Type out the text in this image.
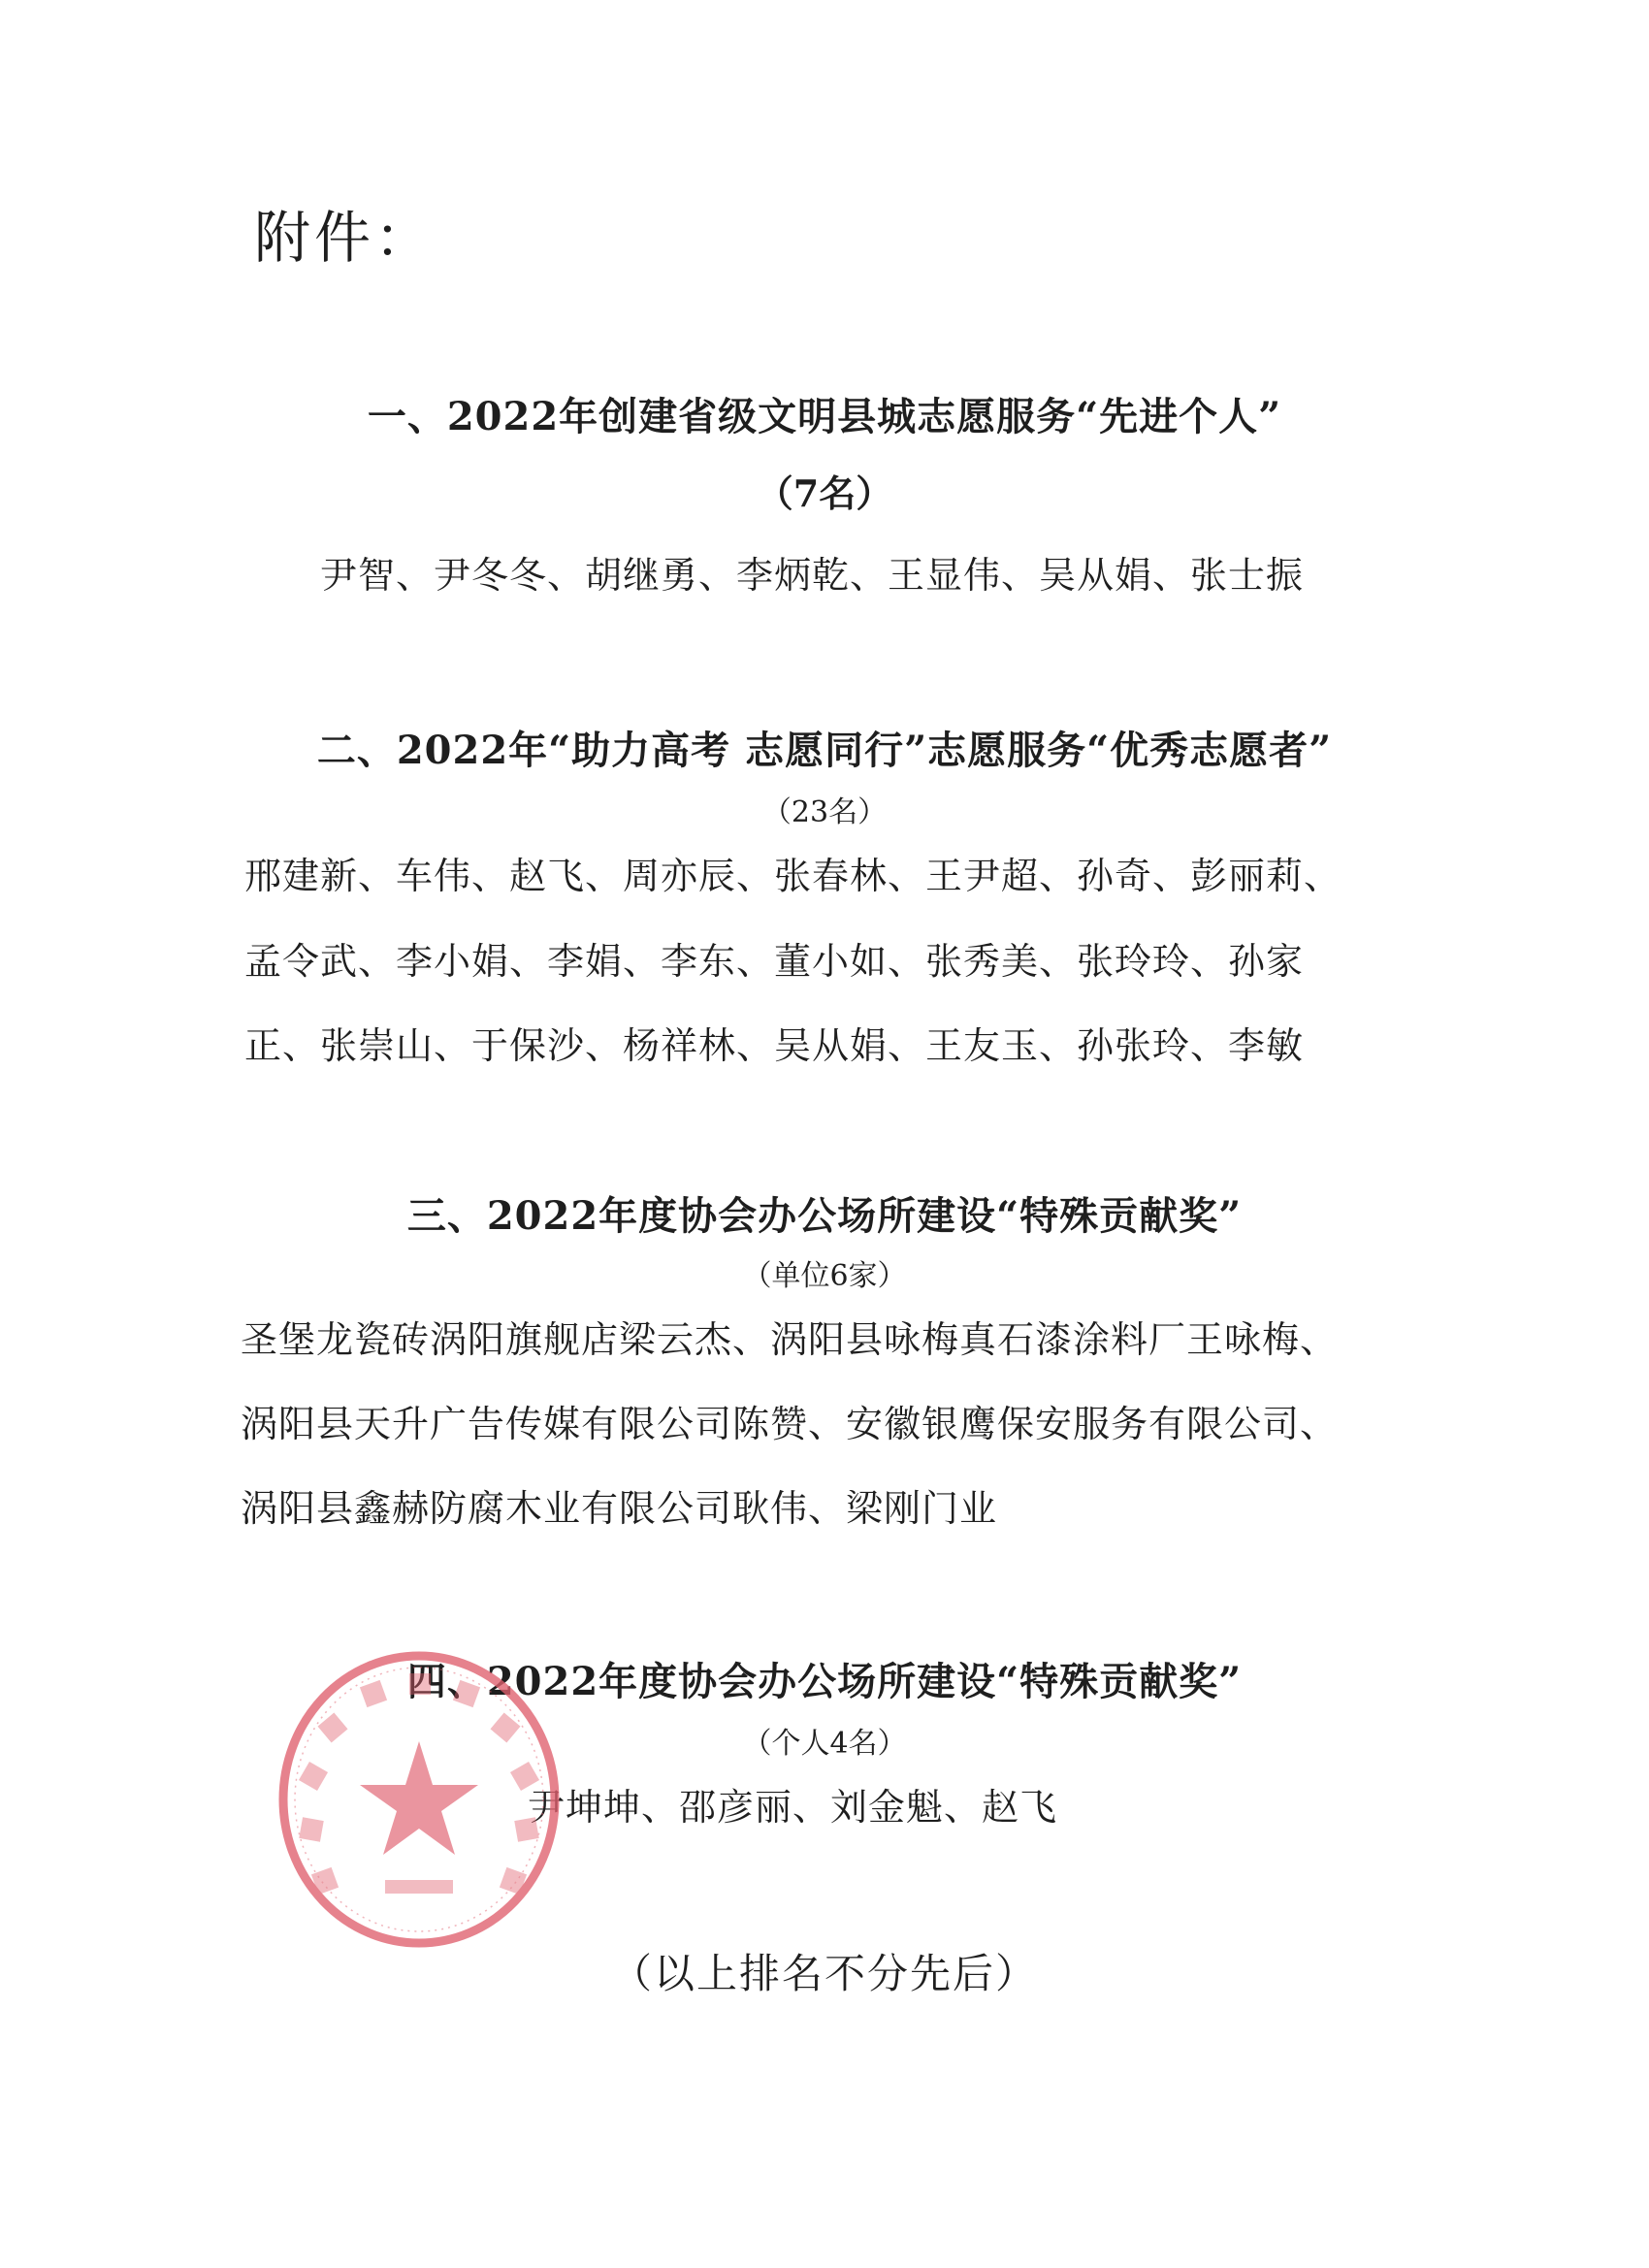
附件：
一、2022年创建省级文明县城志愿服务“先进个人”
（7名）
尹智、尹冬冬、胡继勇、李炳乾、王显伟、吴从娟、张士振
二、2022年“助力高考 志愿同行”志愿服务“优秀志愿者”
（23名）
邢建新、车伟、赵飞、周亦辰、张春林、王尹超、孙奇、彭丽莉、
孟令武、李小娟、李娟、李东、董小如、张秀美、张玲玲、孙家
正、张崇山、于保沙、杨祥林、吴从娟、王友玉、孙张玲、李敏
三、2022年度协会办公场所建设“特殊贡献奖”
（单位6家）
圣堡龙瓷砖涡阳旗舰店梁云杰、涡阳县咏梅真石漆涂料厂王咏梅、
涡阳县天升广告传媒有限公司陈赞、安徽银鹰保安服务有限公司、
涡阳县鑫赫防腐木业有限公司耿伟、梁刚门业
四、2022年度协会办公场所建设“特殊贡献奖”
（个人4名）
尹坤坤、邵彦丽、刘金魁、赵飞
（以上排名不分先后）
